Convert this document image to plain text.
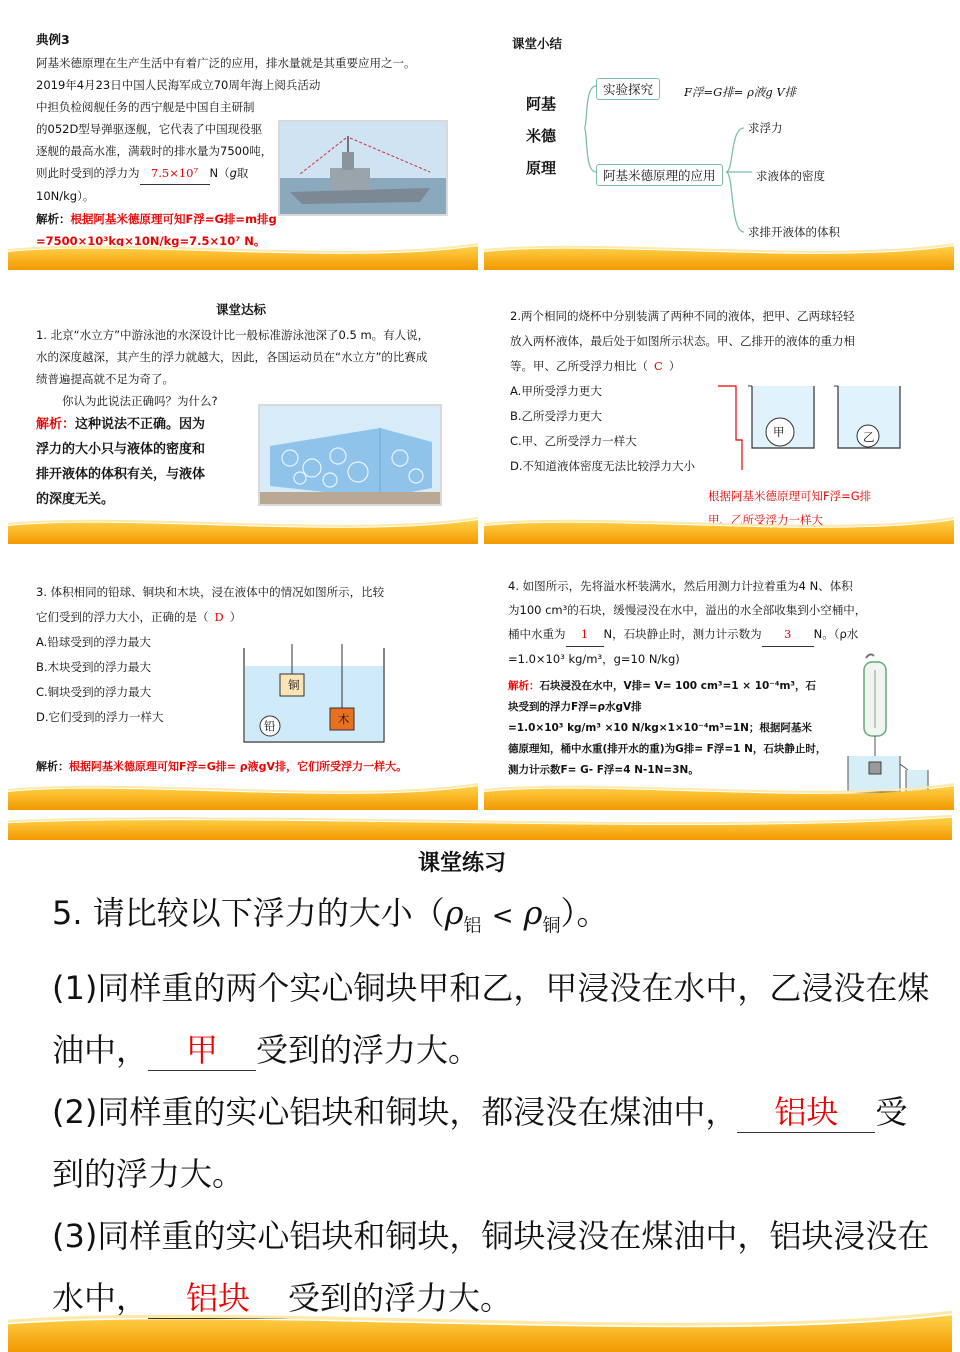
典例3
阿基米德原理在生产生活中有着广泛的应用，排水量就是其重要应用之一。
2019年4月23日中国人民海军成立70周年海上阅兵活动
中担负检阅舰任务的西宁舰是中国自主研制
的052D型导弹驱逐舰，它代表了中国现役驱
逐舰的最高水准，满载时的排水量为7500吨，
则此时受到的浮力为 7.5×10⁷ N（g取
10N/kg）。
解析：根据阿基米德原理可知F浮=G排=m排g
=7500×10³kg×10N/kg=7.5×10⁷ N。
课堂小结
阿基
米德
原理
实验探究	F浮=G排= ρ液g V排
阿基米德原理的应用
求浮力
求液体的密度
求排开液体的体积
课堂达标
1. 北京“水立方”中游泳池的水深设计比一般标准游泳池深了0.5 m。有人说，
水的深度越深，其产生的浮力就越大，因此，各国运动员在“水立方”的比赛成
绩普遍提高就不足为奇了。
你认为此说法正确吗？为什么?
解析：这种说法不正确。因为
浮力的大小只与液体的密度和
排开液体的体积有关，与液体
的深度无关。
2.两个相同的烧杯中分别装满了两种不同的液体，把甲、乙两球轻轻
放入两杯液体，最后处于如图所示状态。甲、乙排开的液体的重力相
等。甲、乙所受浮力相比（ C ）
A.甲所受浮力更大
B.乙所受浮力更大
C.甲、乙所受浮力一样大
D.不知道液体密度无法比较浮力大小
甲	乙
根据阿基米德原理可知F浮=G排
甲、乙所受浮力一样大
3. 体积相同的铅球、铜块和木块，浸在液体中的情况如图所示，比较
它们受到的浮力大小，正确的是（ D ）
A.铅球受到的浮力最大
B.木块受到的浮力最大
C.铜块受到的浮力最大
D.它们受到的浮力一样大
铜
木
铅
解析：根据阿基米德原理可知F浮=G排= ρ液gV排，它们所受浮力一样大。
4. 如图所示，先将溢水杯装满水，然后用测力计拉着重为4 N、体积
为100 cm³的石块，缓慢浸没在水中，溢出的水全部收集到小空桶中，
桶中水重为 1 N，石块静止时，测力计示数为 3 N。（ρ水
=1.0×10³ kg/m³，g=10 N/kg)
解析：石块浸没在水中，V排= V= 100 cm³=1 × 10⁻⁴m³，石
块受到的浮力F浮=ρ水gV排
=1.0×10³ kg/m³ ×10 N/kg×1×10⁻⁴m³=1N；根据阿基米
德原理知，桶中水重(排开水的重)为G排= F浮=1 N，石块静止时，
测力计示数F= G- F浮=4 N-1N=3N。
课堂练习
5. 请比较以下浮力的大小$(\rho_铝 < \rho_铜)$。
(1)同样重的两个实心铜块甲和乙，甲浸没在水中，乙浸没在煤
油中， 甲 受到的浮力大。
(2)同样重的实心铝块和铜块，都浸没在煤油中， 铝块 受
到的浮力大。
(3)同样重的实心铝块和铜块，铜块浸没在煤油中，铝块浸没在
水中， 铝块 受到的浮力大。
